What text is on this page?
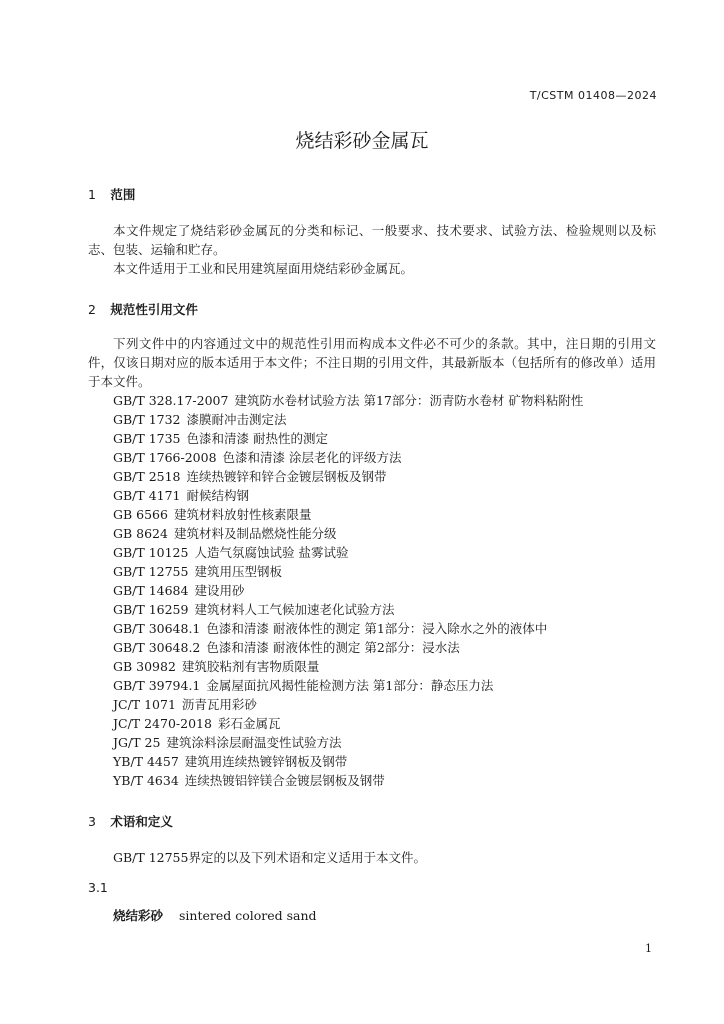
T/CSTM 01408—2024
烧结彩砂金属瓦
1 范围
本文件规定了烧结彩砂金属瓦的分类和标记、一般要求、技术要求、试验方法、检验规则以及标志、包装、运输和贮存。
本文件适用于工业和民用建筑屋面用烧结彩砂金属瓦。
2 规范性引用文件
下列文件中的内容通过文中的规范性引用而构成本文件必不可少的条款。其中，注日期的引用文件，仅该日期对应的版本适用于本文件；不注日期的引用文件，其最新版本（包括所有的修改单）适用于本文件。
GB/T 328.17-2007 建筑防水卷材试验方法 第17部分：沥青防水卷材 矿物料粘附性
GB/T 1732 漆膜耐冲击测定法
GB/T 1735 色漆和清漆 耐热性的测定
GB/T 1766-2008 色漆和清漆 涂层老化的评级方法
GB/T 2518 连续热镀锌和锌合金镀层钢板及钢带
GB/T 4171 耐候结构钢
GB 6566 建筑材料放射性核素限量
GB 8624 建筑材料及制品燃烧性能分级
GB/T 10125 人造气氛腐蚀试验 盐雾试验
GB/T 12755 建筑用压型钢板
GB/T 14684 建设用砂
GB/T 16259 建筑材料人工气候加速老化试验方法
GB/T 30648.1 色漆和清漆 耐液体性的测定 第1部分：浸入除水之外的液体中
GB/T 30648.2 色漆和清漆 耐液体性的测定 第2部分：浸水法
GB 30982 建筑胶粘剂有害物质限量
GB/T 39794.1 金属屋面抗风揭性能检测方法 第1部分：静态压力法
JC/T 1071 沥青瓦用彩砂
JC/T 2470-2018 彩石金属瓦
JG/T 25 建筑涂料涂层耐温变性试验方法
YB/T 4457 建筑用连续热镀锌钢板及钢带
YB/T 4634 连续热镀铝锌镁合金镀层钢板及钢带
3 术语和定义
GB/T 12755界定的以及下列术语和定义适用于本文件。
3.1
烧结彩砂 sintered colored sand
1
